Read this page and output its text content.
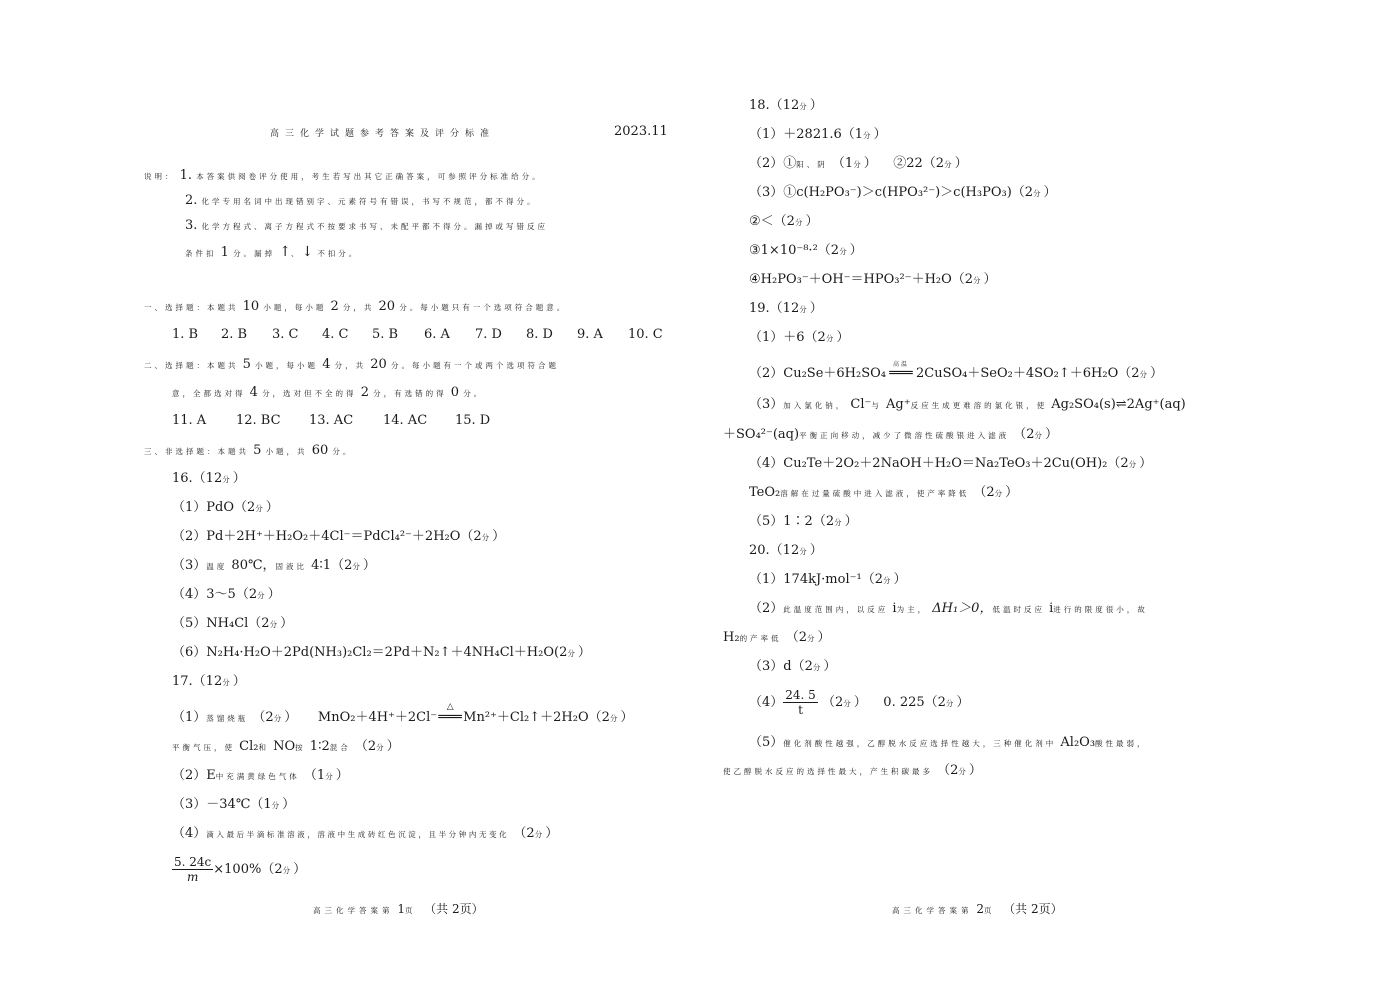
高三化学试题参考答案及评分标准	2023.11
说明： 1. 本答案供阅卷评分使用，考生若写出其它正确答案，可参照评分标准给分。
2. 化学专用名词中出现错别字、元素符号有错误，书写不规范，都不得分。
3. 化学方程式、离子方程式不按要求书写、未配平都不得分。漏掉或写错反应
条件扣 1 分。漏掉 ↑、↓ 不扣分。
一、选择题：本题共 10 小题，每小题 2 分，共 20 分。每小题只有一个选项符合题意。
1. B 2. B 3. C 4. C 5. B 6. A 7. D 8. D 9. A 10. C
二、选择题：本题共 5 小题，每小题 4 分，共 20 分。每小题有一个或两个选项符合题
意，全都选对得 4 分，选对但不全的得 2 分，有选错的得 0 分。
11. A 12. BC 13. AC 14. AC 15. D
三、非选择题：本题共 5 小题，共 60 分。
16.（12分）
（1）PdO（2分）
（2）Pd＋2H⁺＋H₂O₂＋4Cl⁻＝PdCl₄²⁻＋2H₂O（2分）
（3）温度 80℃，固液比 4∶1（2分）
（4）3～5（2分）
（5）NH₄Cl（2分）
（6）N₂H₄·H₂O＋2Pd(NH₃)₂Cl₂＝2Pd＋N₂↑＋4NH₄Cl＋H₂O(2分）
17.（12分）
（1）蒸馏烧瓶 （2分） MnO₂＋4H⁺＋2Cl⁻
△
═══Mn²⁺＋Cl₂↑＋2H₂O（2分）
平衡气压，使 Cl₂和 NO按 1∶2混合 （2分）
（2）E中充满黄绿色气体 （1分）
（3）－34℃（1分）
（4）滴入最后半滴标准溶液，溶液中生成砖红色沉淀，且半分钟内无变化 （2分）
$\frac{5. 24c}{m} \times 100\%(2$分）
高三化学答案第 1页 （共 2页）
18.（12分）
（1）＋2821.6（1分）
（2）①阳、阴 （1分） ②22（2分）
（3）①c(H₂PO₃⁻)＞c(HPO₃²⁻)＞c(H₃PO₃)（2分）
②＜（2分）
③1×10⁻⁸·²（2分）
④H₂PO₃⁻＋OH⁻＝HPO₃²⁻＋H₂O（2分）
19.（12分）
（1）＋6（2分）
（2）Cu₂Se＋6H₂SO₄
高温
═══ 2CuSO₄＋SeO₂＋4SO₂↑＋6H₂O（2分）
（3）加入氯化钠， Cl⁻与 Ag⁺反应生成更难溶的氯化银，使 Ag₂SO₄(s)⇌2Ag⁺(aq)
＋SO₄²⁻(aq)平衡正向移动，减少了微溶性硫酸银进入滤液 （2分）
（4）Cu₂Te＋2O₂＋2NaOH＋H₂O＝Na₂TeO₃＋2Cu(OH)₂（2分）
TeO₂溶解在过量硫酸中进入滤液，使产率降低 （2分）
（5）1∶2（2分）
20.（12分）
（1）174kJ·mol⁻¹（2分）
（2）此温度范围内，以反应 ⅰ为主， ΔH₁＞0，低温时反应 ⅰ进行的限度很小，故
H₂的产率低 （2分）
（3）d（2分）
$(4) \frac{24. 5}{t} (2$分） 0. 225（2分）
（5）催化剂酸性越强，乙醇脱水反应选择性越大，三种催化剂中 Al₂O₃酸性最弱，
使乙醇脱水反应的选择性最大，产生积碳最多 （2分）
高三化学答案第 2页 （共 2页）
